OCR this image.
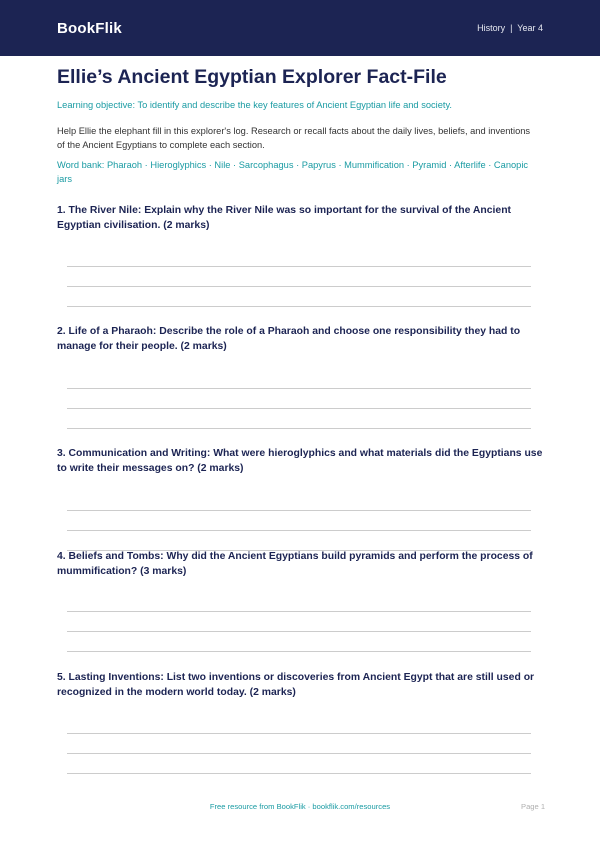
BookFlik	History  |  Year 4
Ellie’s Ancient Egyptian Explorer Fact-File
Learning objective: To identify and describe the key features of Ancient Egyptian life and society.
Help Ellie the elephant fill in this explorer's log. Research or recall facts about the daily lives, beliefs, and inventions of the Ancient Egyptians to complete each section.
Word bank: Pharaoh · Hieroglyphics · Nile · Sarcophagus · Papyrus · Mummification · Pyramid · Afterlife · Canopic jars
1. The River Nile: Explain why the River Nile was so important for the survival of the Ancient Egyptian civilisation. (2 marks)
2. Life of a Pharaoh: Describe the role of a Pharaoh and choose one responsibility they had to manage for their people. (2 marks)
3. Communication and Writing: What were hieroglyphics and what materials did the Egyptians use to write their messages on? (2 marks)
4. Beliefs and Tombs: Why did the Ancient Egyptians build pyramids and perform the process of mummification? (3 marks)
5. Lasting Inventions: List two inventions or discoveries from Ancient Egypt that are still used or recognized in the modern world today. (2 marks)
Free resource from BookFlik · bookflik.com/resources	Page 1
